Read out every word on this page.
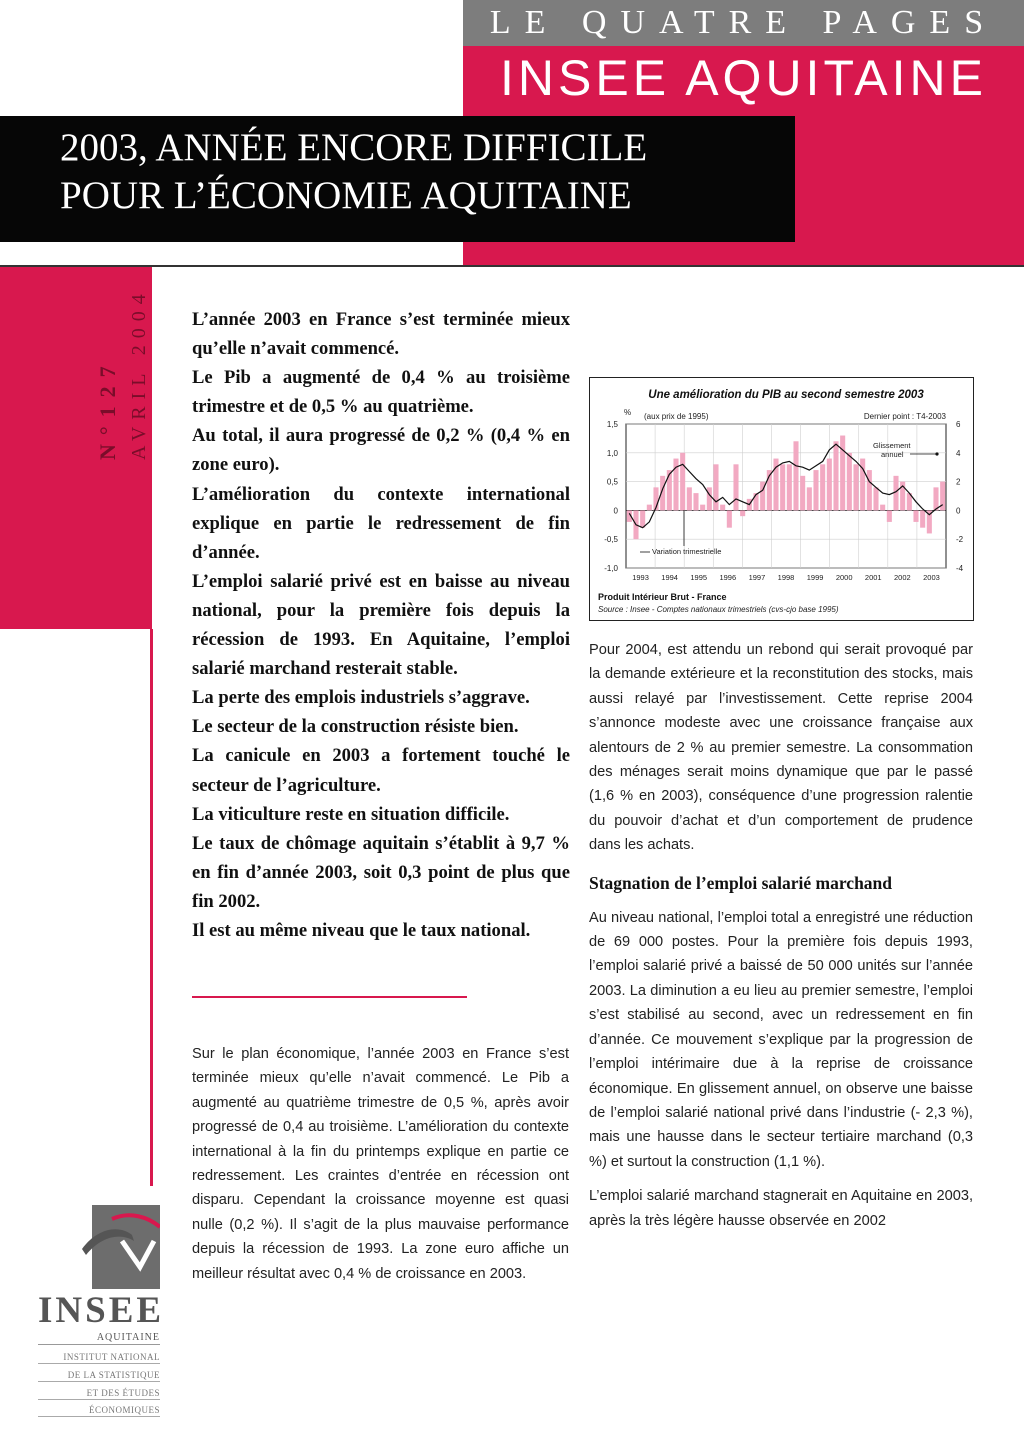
LE QUATRE PAGES
INSEE AQUITAINE
2003, ANNÉE ENCORE DIFFICILE
POUR L’ÉCONOMIE AQUITAINE
N°127 AVRIL 2004 L’année 2003 en France s’est terminée mieux qu’elle n’avait commencé.

Le Pib a augmenté de 0,4 % au troisième trimestre et de 0,5 % au quatrième.

Au total, il aura progressé de 0,2 % (0,4 % en zone euro).

L’amélioration du contexte international explique en partie le redressement de fin d’année.

L’emploi salarié privé est en baisse au niveau national, pour la première fois depuis la récession de 1993. En Aquitaine, l’emploi salarié marchand resterait stable.

La perte des emplois industriels s’aggrave.

Le secteur de la construction résiste bien.

La canicule en 2003 a fortement touché le secteur de l’agriculture.

La viticulture reste en situation difficile.

Le taux de chômage aquitain s’établit à 9,7 % en fin d’année 2003, soit 0,3 point de plus que fin 2002.

Il est au même niveau que le taux national.

Sur le plan économique, l’année 2003 en France s’est terminée mieux qu’elle n’avait commencé. Le Pib a augmenté au quatrième trimestre de 0,5 %, après avoir progressé de 0,4 au troisième. L’amélioration du contexte international à la fin du printemps explique en partie ce redressement. Les craintes d’entrée en récession ont disparu. Cependant la croissance moyenne est quasi nulle (0,2 %). Il s’agit de la plus mauvaise performance depuis la récession de 1993. La zone euro affiche un meilleur résultat avec 0,4 % de croissance en 2003.

Une amélioration du PIB au second semestre 2003
% (aux prix de 1995)	Dernier point : T4-2003
1,5
1,0
0,5
0
-0,5
-1,0
6
4
2
0
-2
-4
1993 1994 1995 1996 1997 1998 1999 2000 2001 2002 2003
Glissement
annuel
Variation trimestrielle
Produit Intérieur Brut - France
Source : Insee - Comptes nationaux trimestriels (cvs-cjo base 1995)

Pour 2004, est attendu un rebond qui serait provoqué par la demande extérieure et la reconstitution des stocks, mais aussi relayé par l’investissement. Cette reprise 2004 s’annonce modeste avec une croissance française aux alentours de 2 % au premier semestre. La consommation des ménages serait moins dynamique que par le passé (1,6 % en 2003), conséquence d’une progression ralentie du pouvoir d’achat et d’un comportement de prudence dans les achats.

Stagnation de l’emploi salarié marchand

Au niveau national, l’emploi total a enregistré une réduction de 69 000 postes. Pour la première fois depuis 1993, l’emploi salarié privé a baissé de 50 000 unités sur l’année 2003. La diminution a eu lieu au premier semestre, l’emploi s’est stabilisé au second, avec un redressement en fin d’année. Ce mouvement s’explique par la progression de l’emploi intérimaire due à la reprise de croissance économique. En glissement annuel, on observe une baisse de l’emploi salarié national privé dans l’industrie (- 2,3 %), mais une hausse dans le secteur tertiaire marchand (0,3 %) et surtout la construction (1,1 %).

L’emploi salarié marchand stagnerait en Aquitaine en 2003, après la très légère hausse observée en 2002

INSEE
AQUITAINE
INSTITUT NATIONAL
DE LA STATISTIQUE
ET DES ÉTUDES
ÉCONOMIQUES
